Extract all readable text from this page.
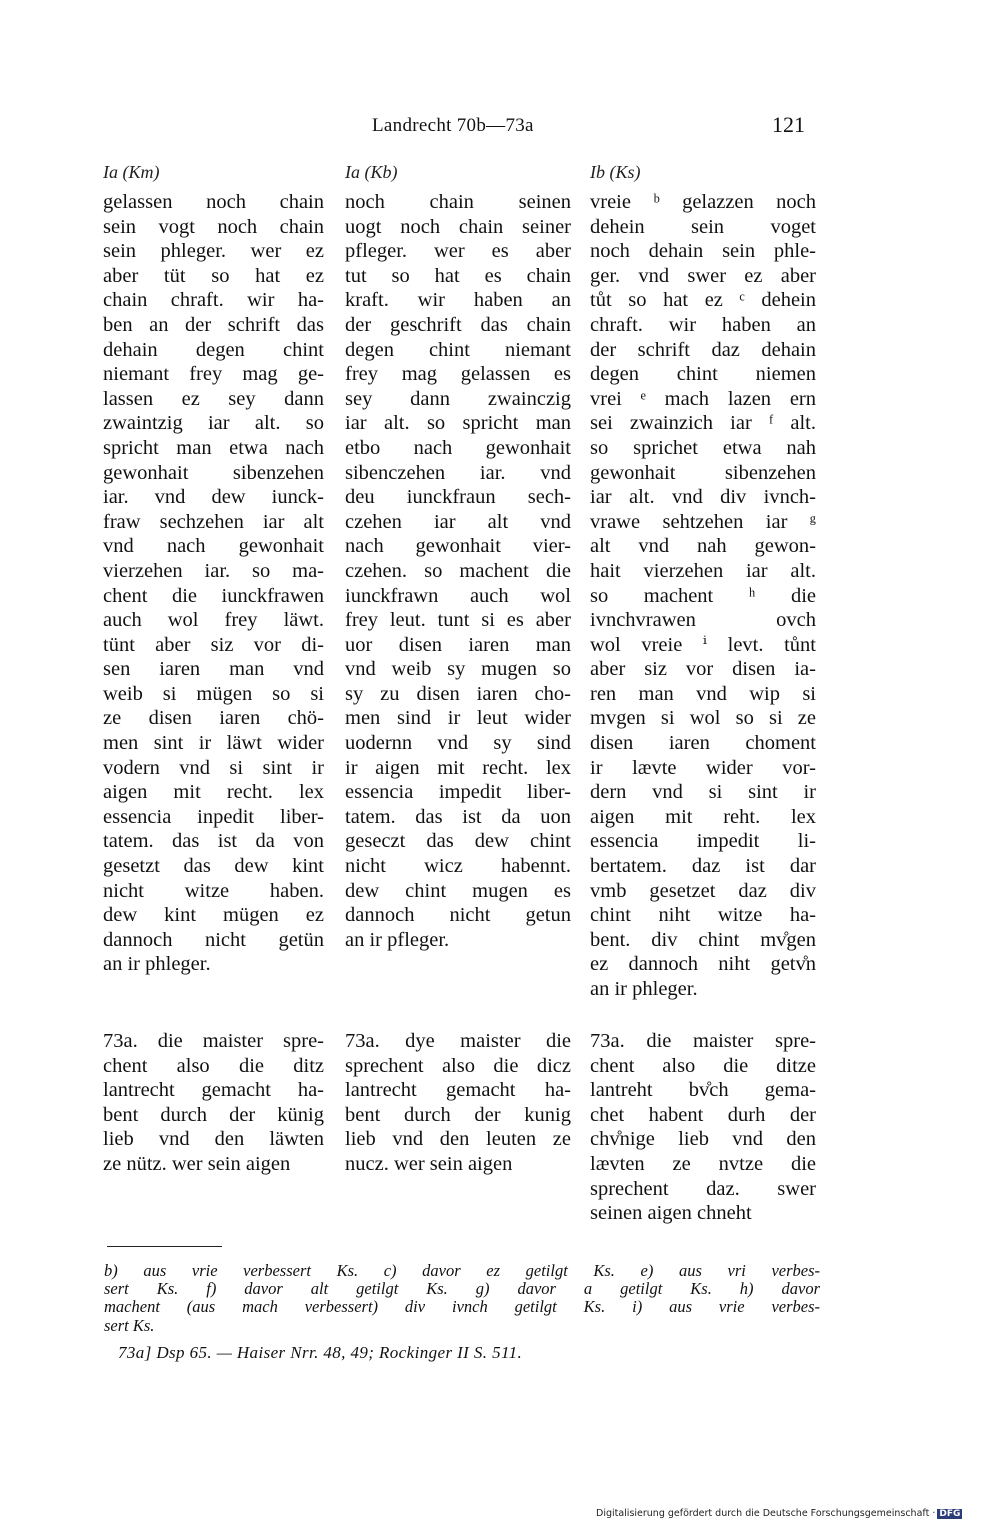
Landrecht 70b—73a	121
Ia (Km)	Ia (Kb)	Ib (Ks)
gelassen noch chain
sein vogt noch chain
sein phleger. wer ez
aber tüt so hat ez
chain chraft. wir ha-
ben an der schrift das
dehain degen chint
niemant frey mag ge-
lassen ez sey dann
zwaintzig iar alt. so
spricht man etwa nach
gewonhait sibenzehen
iar. vnd dew iunck-
fraw sechzehen iar alt
vnd nach gewonhait
vierzehen iar. so ma-
chent die iunckfrawen
auch wol frey läwt.
tünt aber siz vor di-
sen iaren man vnd
weib si mügen so si
ze disen iaren chö-
men sint ir läwt wider
vodern vnd si sint ir
aigen mit recht. lex
essencia inpedit liber-
tatem. das ist da von
gesetzt das dew kint
nicht witze haben.
dew kint mügen ez
dannoch nicht getün
an ir phleger.
noch chain seinen
uogt noch chain seiner
pfleger. wer es aber
tut so hat es chain
kraft. wir haben an
der geschrift das chain
degen chint niemant
frey mag gelassen es
sey dann zwainczig
iar alt. so spricht man
etbo nach gewonhait
sibenczehen iar. vnd
deu iunckfraun sech-
czehen iar alt vnd
nach gewonhait vier-
czehen. so machent die
iunckfrawn auch wol
frey leut. tunt si es aber
uor disen iaren man
vnd weib sy mugen so
sy zu disen iaren cho-
men sind ir leut wider
uodernn vnd sy sind
ir aigen mit recht. lex
essencia impedit liber-
tatem. das ist da uon
geseczt das dew chint
nicht wicz habennt.
dew chint mugen es
dannoch nicht getun
an ir pfleger.
vreie ᵇ gelazzen noch
dehein sein voget
noch dehain sein phle-
ger. vnd swer ez aber
tůt so hat ez ᶜ dehein
chraft. wir haben an
der schrift daz dehain
degen chint niemen
vrei ᵉ mach lazen ern
sei zwainzich iar ᶠ alt.
so sprichet etwa nah
gewonhait sibenzehen
iar alt. vnd div ivnch-
vrawe sehtzehen iar ᵍ
alt vnd nah gewon-
hait vierzehen iar alt.
so machent ʰ die
ivnchvrawen ovch
wol vreie ⁱ levt. tůnt
aber siz vor disen ia-
ren man vnd wip si
mvgen si wol so si ze
disen iaren choment
ir lævte wider vor-
dern vnd si sint ir
aigen mit reht. lex
essencia impedit li-
bertatem. daz ist dar
vmb gesetzet daz div
chint niht witze ha-
bent. div chint mv̊gen
ez dannoch niht getv̊n
an ir phleger.
73a. die maister spre-
chent also die ditz
lantrecht gemacht ha-
bent durch der künig
lieb vnd den läwten
ze nütz. wer sein aigen
73a. dye maister die
sprechent also die dicz
lantrecht gemacht ha-
bent durch der kunig
lieb vnd den leuten ze
nucz. wer sein aigen
73a. die maister spre-
chent also die ditze
lantreht bv̊ch gema-
chet habent durh der
chv̊nige lieb vnd den
lævten ze nvtze die
sprechent daz. swer
seinen aigen chneht
b) aus vrie verbessert Ks. c) davor ez getilgt Ks. e) aus vri verbes-
sert Ks. f) davor alt getilgt Ks. g) davor a getilgt Ks. h) davor
machent (aus mach verbessert) div ivnch getilgt Ks. i) aus vrie verbes-
sert Ks.
73a] Dsp 65. — Haiser Nrr. 48, 49; Rockinger II S. 511.
Digitalisierung gefördert durch die Deutsche Forschungsgemeinschaft · DFG
